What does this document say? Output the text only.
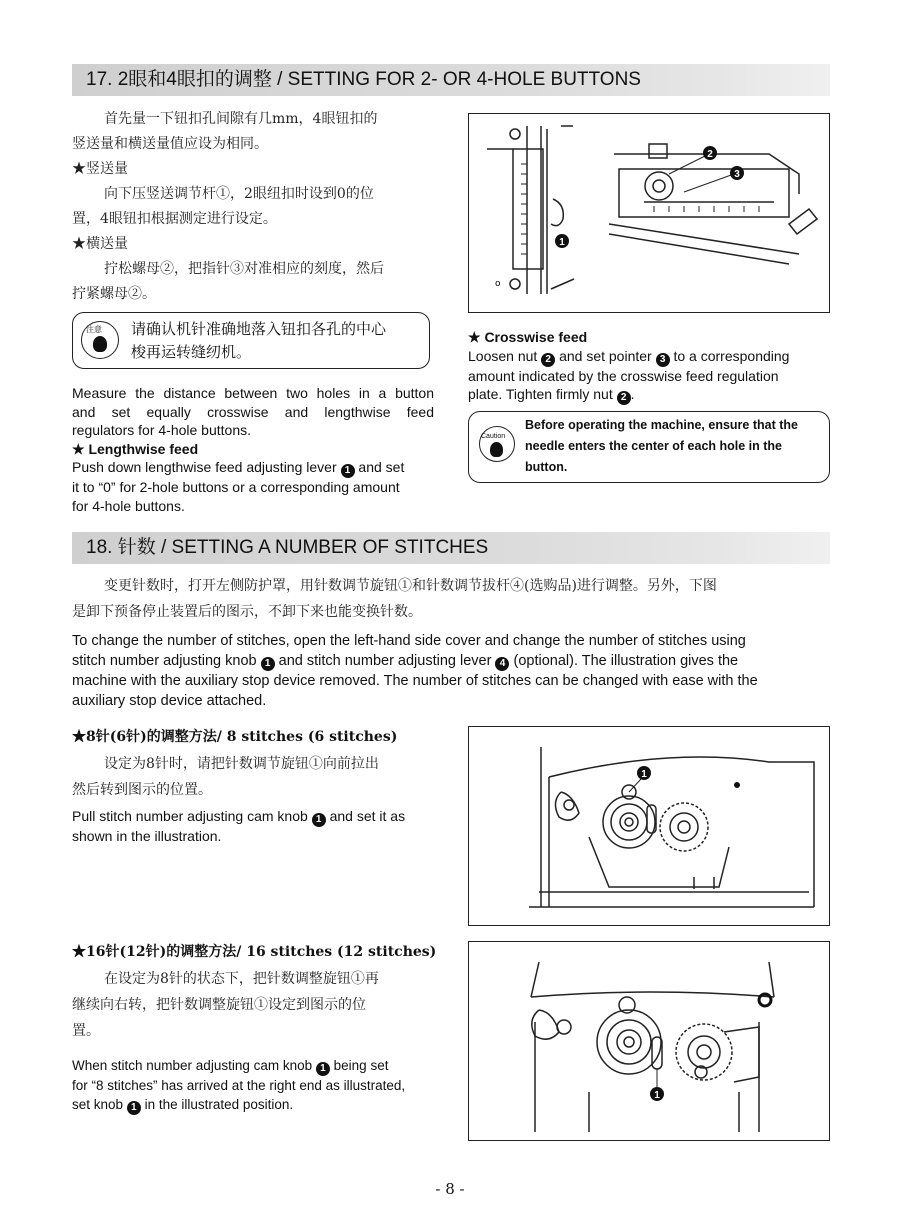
17. 2眼和4眼扣的调整 / SETTING FOR 2- OR 4-HOLE BUTTONS
首先量一下钮扣孔间隙有几mm，4眼钮扣的
竖送量和横送量值应设为相同。
★竖送量
向下压竖送调节杆①，2眼纽扣时设到0的位
置，4眼钮扣根据测定进行设定。
★横送量
拧松螺母②，把指针③对准相应的刻度，然后
拧紧螺母②。
注意 请确认机针准确地落入钮扣各孔的中心
梭再运转缝纫机。
Measure the distance between two holes in a button
and set equally crosswise and lengthwise feed
regulators for 4-hole buttons.
★ Lengthwise feed
Push down lengthwise feed adjusting lever 1 and set
it to “0” for 2-hole buttons or a corresponding amount
for 4-hole buttons.
o
2
3
1
★ Crosswise feed
Loosen nut 2 and set pointer 3 to a corresponding
amount indicated by the crosswise feed regulation
plate. Tighten firmly nut 2 .
Caution
Before operating the machine, ensure that the
needle enters the center of each hole in the
button.
18. 针数 / SETTING A NUMBER OF STITCHES
变更针数时，打开左侧防护罩，用针数调节旋钮①和针数调节拔杆④(选购品)进行调整。另外，下图
是卸下预备停止装置后的图示，不卸下来也能变换针数。
To change the number of stitches, open the left-hand side cover and change the number of stitches using
stitch number adjusting knob 1 and stitch number adjusting lever 4 (optional). The illustration gives the
machine with the auxiliary stop device removed. The number of stitches can be changed with ease with the
auxiliary stop device attached.
★8针(6针)的调整方法/ 8 stitches (6 stitches)
设定为8针时，请把针数调节旋钮①向前拉出
然后转到图示的位置。
Pull stitch number adjusting cam knob 1 and set it as
shown in the illustration.
1
★16针(12针)的调整方法/ 16 stitches (12 stitches)
在设定为8针的状态下，把针数调整旋钮①再
继续向右转，把针数调整旋钮①设定到图示的位
置。
When stitch number adjusting cam knob 1 being set
for “8 stitches” has arrived at the right end as illustrated,
set knob 1 in the illustrated position.
1
- 8 -
